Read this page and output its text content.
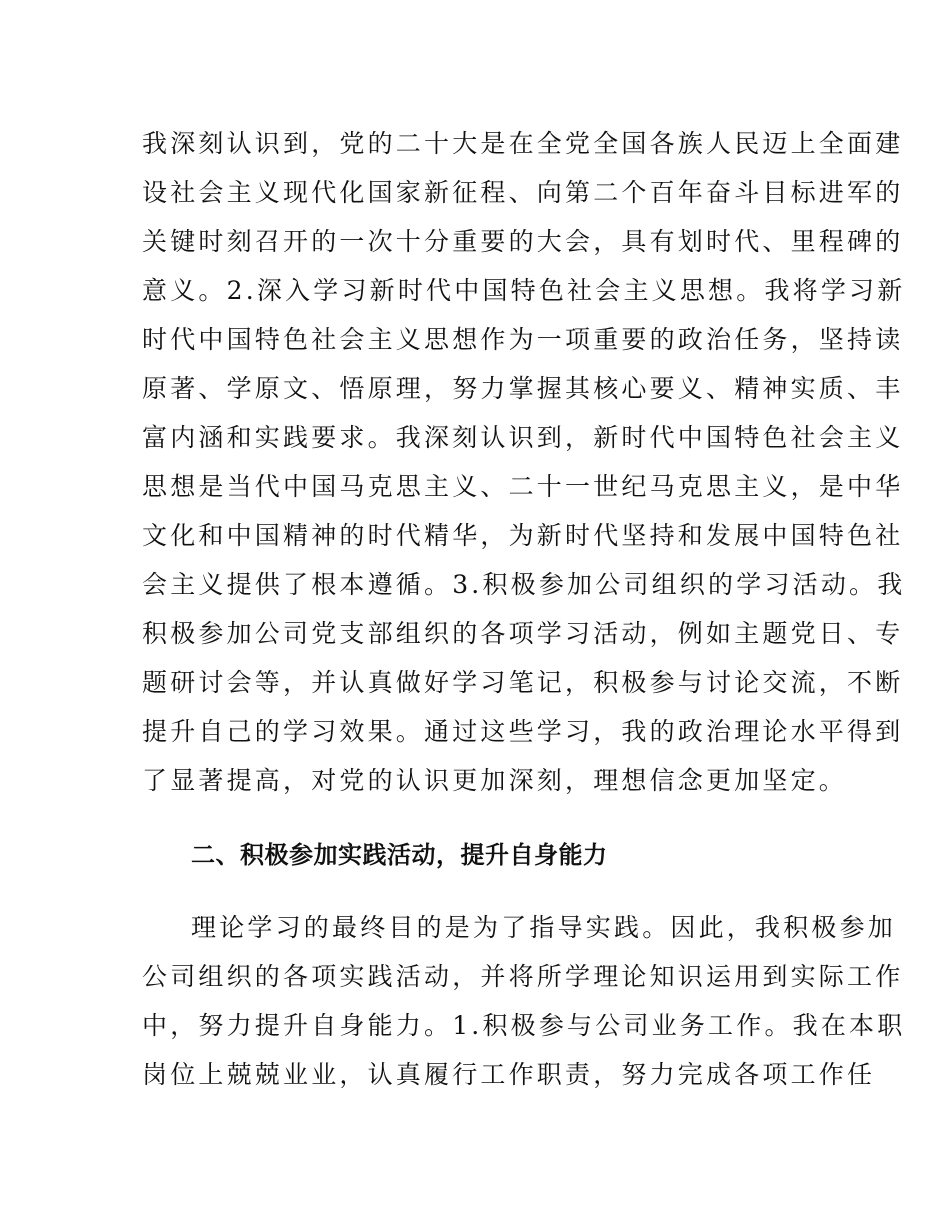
我深刻认识到，党的二十大是在全党全国各族人民迈上全面建
设社会主义现代化国家新征程、向第二个百年奋斗目标进军的
关键时刻召开的一次十分重要的大会，具有划时代、里程碑的
意义。2.深入学习新时代中国特色社会主义思想。我将学习新
时代中国特色社会主义思想作为一项重要的政治任务，坚持读
原著、学原文、悟原理，努力掌握其核心要义、精神实质、丰
富内涵和实践要求。我深刻认识到，新时代中国特色社会主义
思想是当代中国马克思主义、二十一世纪马克思主义，是中华
文化和中国精神的时代精华，为新时代坚持和发展中国特色社
会主义提供了根本遵循。3.积极参加公司组织的学习活动。我
积极参加公司党支部组织的各项学习活动，例如主题党日、专
题研讨会等，并认真做好学习笔记，积极参与讨论交流，不断
提升自己的学习效果。通过这些学习，我的政治理论水平得到
了显著提高，对党的认识更加深刻，理想信念更加坚定。
二、积极参加实践活动，提升自身能力
理论学习的最终目的是为了指导实践。因此，我积极参加
公司组织的各项实践活动，并将所学理论知识运用到实际工作
中，努力提升自身能力。1.积极参与公司业务工作。我在本职
岗位上兢兢业业，认真履行工作职责，努力完成各项工作任
